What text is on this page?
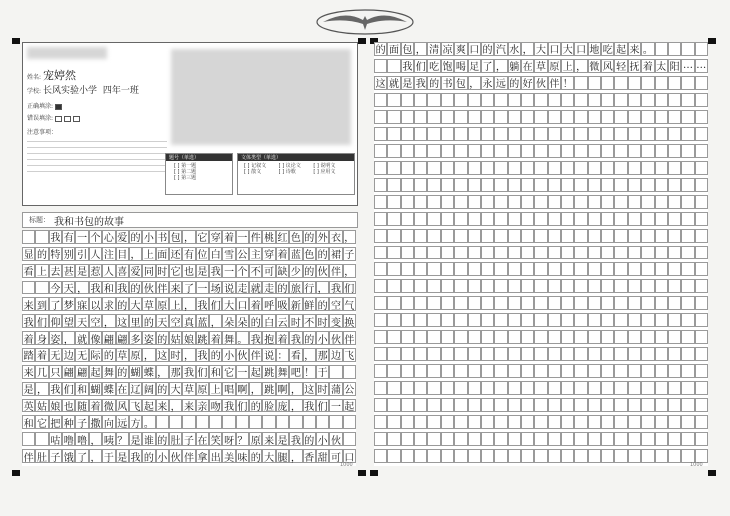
姓名: 宠婷然
学校: 长风实验小学 四年一班
正确填涂:
错误填涂:
注意事项：
题号（单选）
[ ] 第一题
[ ] 第二题
[ ] 第三题
文体类型（单选）
[ ] 记叙文	[ ] 议论文	[ ] 说明文
[ ] 散文	[ ] 诗歌	[ ] 应用文
标题： 我和书包的故事
我 有 一 个 心 爱 的 小 书 包 ， 它 穿 着 一 件 桃 红 色 的 外 衣 ，
显 的 特 别 引 人 注 目 ， 上 面 还 有 位 白 雪 公 主 穿 着 蓝 色 的 裙 子
看 上 去 甚 是 惹 人 喜 爱 同 时 它 也 是 我 一 个 不 可 缺 少 的 伙 伴 ，
今 天 ， 我 和 我 的 伙 伴 来 了 一 场 说 走 就 走 的 旅 行 ， 我 们
来 到 了 梦 寐 以 求 的 大 草 原 上 ， 我 们 大 口 着 呼 吸 新 鲜 的 空 气
我 们 仰 望 天 空 ， 这 里 的 天 空 真 蓝 ， 朵 朵 的 白 云 时 不 时 变 换
着 身 姿 ， 就 像 翩 翩 多 姿 的 姑 娘 跳 着 舞 。 我 抱 着 我 的 小 伙 伴
踏 着 无 边 无 际 的 草 原 ， 这 时 ， 我 的 小 伙 伴 说 ： 看 ， 那 边 飞
来 几 只 翩 翩 起 舞 的 蝴 蝶 ， 那 我 们 和 它 一 起 跳 舞 吧 ！ 于
是 ， 我 们 和 蝴 蝶 在 辽 阔 的 大 草 原 上 唱 啊 ， 跳 啊 ， 这 时 蒲 公
英 姑 娘 也 随 着 微 风 飞 起 来 ， 来 亲 吻 我 们 的 脸 庞 ， 我 们 一 起
和 它 把 种 子 撒 向 远 方 。
咕 噜 噜 ， 咦 ？ 是 谁 的 肚 子 在 笑 呀 ？ 原 来 是 我 的 小 伙
伴 肚 子 饿 了 ， 于 是 我 的 小 伙 伴 拿 出 美 味 的 大 腿 ， 香 甜 可 口
的 面 包 ， 清 凉 爽 口 的 汽 水 ， 大 口 大 口 地 吃 起 来 。
我 们 吃 饱 喝 足 了 ， 躺 在 草 原 上 ， 微 风 轻 抚 着 太 阳 … …
这 就 是 我 的 书 包 ， 永 远 的 好 伙 伴 ！
1000	1000
